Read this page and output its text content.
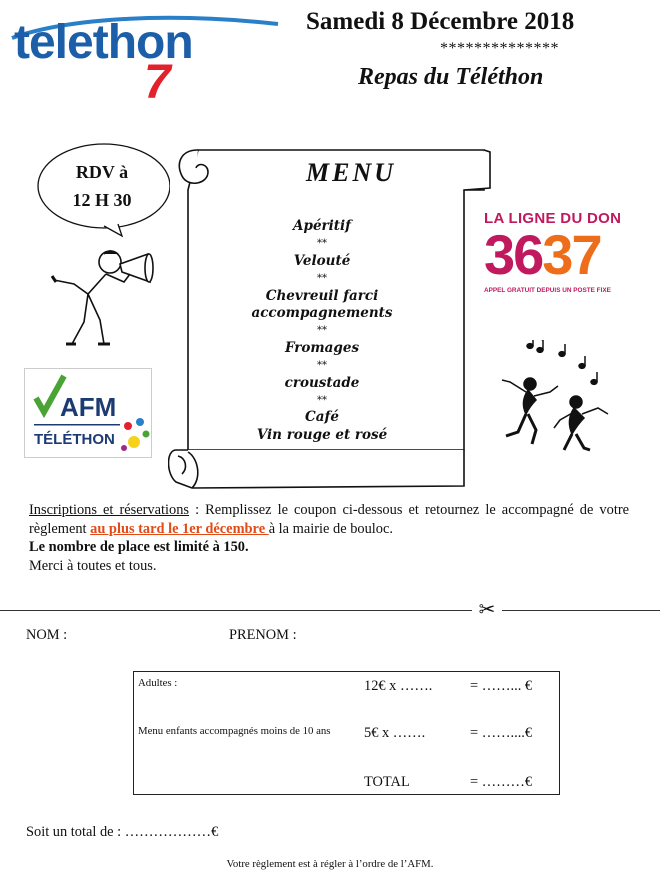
telethon
7
Samedi 8 Décembre 2018
**************
Repas du Téléthon
RDV à
12 H 30
AFM
TÉLÉTHON
MENU
Apéritif
**
Velouté
**
Chevreuil farci
accompagnements
**
Fromages
**
croustade
**
Café
Vin rouge et rosé
LA LIGNE DU DON
3637
APPEL GRATUIT DEPUIS UN POSTE FIXE
Inscriptions et réservations : Remplissez le coupon ci-dessous et retournez le accompagné de votre règlement au plus tard le 1er décembre à la mairie de bouloc.
Le nombre de place est limité à 150.
Merci à toutes et tous.
✂
NOM :	PRENOM :
Adultes :	12€ x …….	= ……... €
Menu enfants accompagnés moins de 10 ans 5€ x …….	= ……....€
TOTAL	= ………€
Soit un total de : ………………€
Votre règlement est à régler à l’ordre de l’AFM.
